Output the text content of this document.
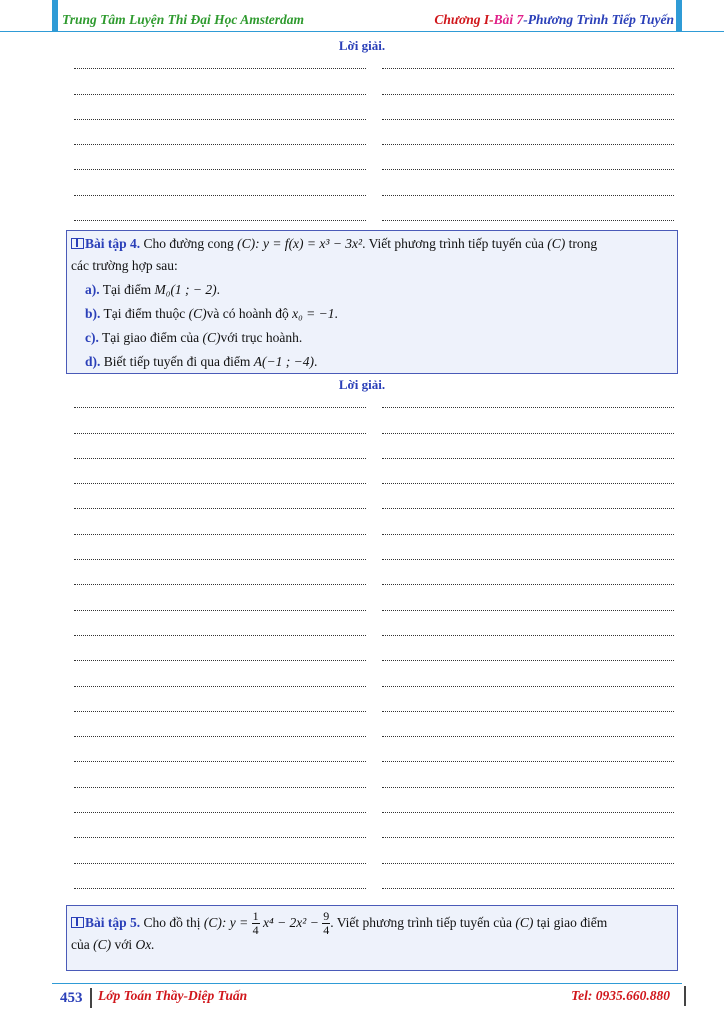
Trung Tâm Luyện Thi Đại Học Amsterdam	Chương I-Bài 7-Phương Trình Tiếp Tuyến
Lời giải.
Bài tập 4. Cho đường cong (C): y = f(x) = x³ − 3x². Viết phương trình tiếp tuyến của (C) trong
các trường hợp sau:
a). Tại điểm M₀(1 ; − 2).
b). Tại điểm thuộc (C)và có hoành độ x₀ = −1.
c). Tại giao điểm của (C)với trục hoành.
d). Biết tiếp tuyến đi qua điểm A(−1 ; −4).
Lời giải.
Bài tập 5. Cho đồ thị (C): $y = \frac{1}{4} x^4 - 2x^2 - \frac{9}{4}$ . Viết phương trình tiếp tuyến của (C) tại giao điểm
của (C) với Ox.
453 Lớp Toán Thầy-Diệp Tuấn	Tel: 0935.660.880
